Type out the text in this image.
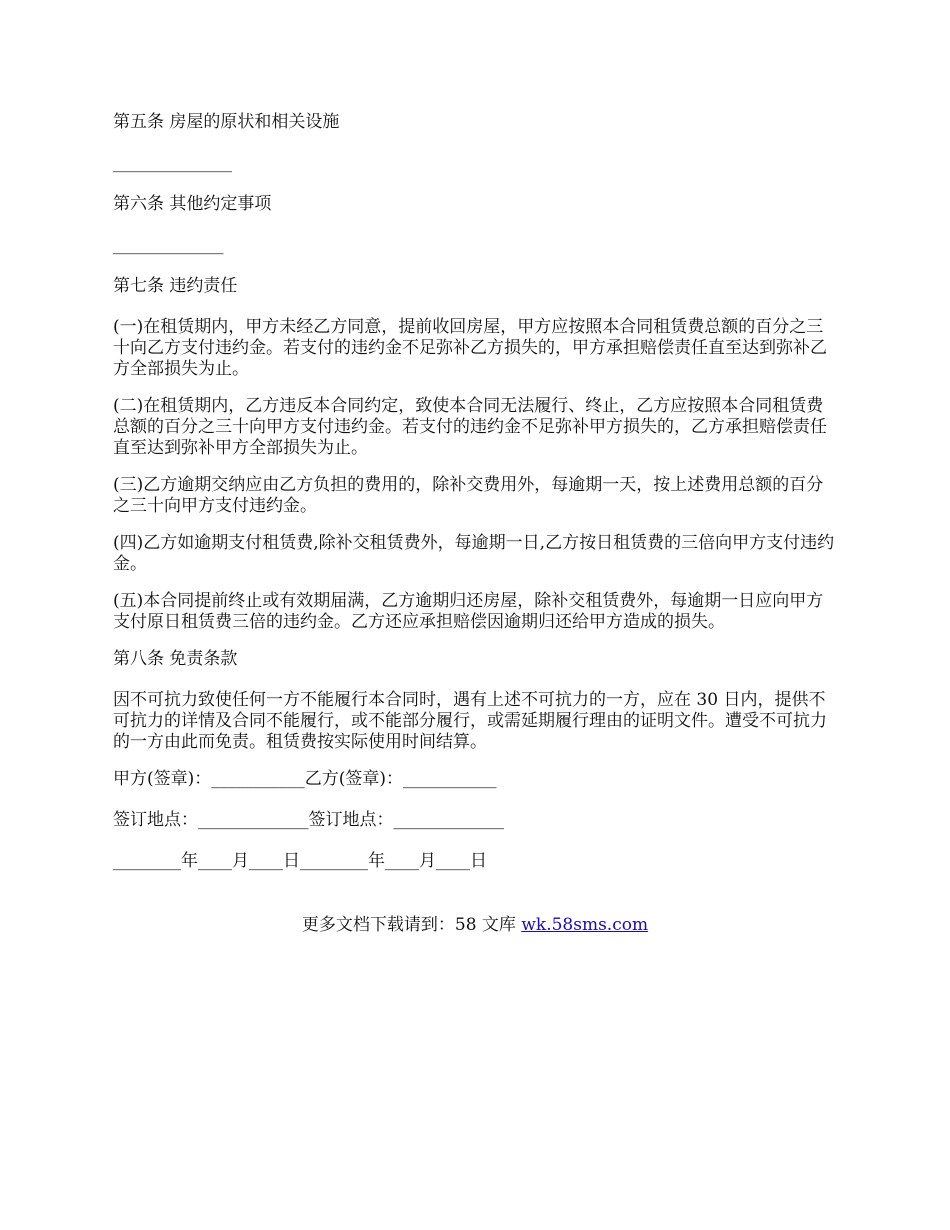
第五条 房屋的原状和相关设施

______________

第六条 其他约定事项

_____________

第七条 违约责任

(一)在租赁期内，甲方未经乙方同意，提前收回房屋，甲方应按照本合同租赁费总额的百分之三十向乙方支付违约金。若支付的违约金不足弥补乙方损失的，甲方承担赔偿责任直至达到弥补乙方全部损失为止。

(二)在租赁期内，乙方违反本合同约定，致使本合同无法履行、终止，乙方应按照本合同租赁费总额的百分之三十向甲方支付违约金。若支付的违约金不足弥补甲方损失的，乙方承担赔偿责任直至达到弥补甲方全部损失为止。

(三)乙方逾期交纳应由乙方负担的费用的，除补交费用外，每逾期一天，按上述费用总额的百分之三十向甲方支付违约金。

(四)乙方如逾期支付租赁费,除补交租赁费外，每逾期一日,乙方按日租赁费的三倍向甲方支付违约金。

(五)本合同提前终止或有效期届满，乙方逾期归还房屋，除补交租赁费外，每逾期一日应向甲方支付原日租赁费三倍的违约金。乙方还应承担赔偿因逾期归还给甲方造成的损失。

第八条 免责条款

因不可抗力致使任何一方不能履行本合同时，遇有上述不可抗力的一方，应在 30 日内，提供不可抗力的详情及合同不能履行，或不能部分履行，或需延期履行理由的证明文件。遭受不可抗力的一方由此而免责。租赁费按实际使用时间结算。

甲方(签章)：___________乙方(签章)：___________

签订地点：_____________签订地点：_____________

________年____月____日________年____月____日

更多文档下载请到：58 文库 wk.58sms.com
